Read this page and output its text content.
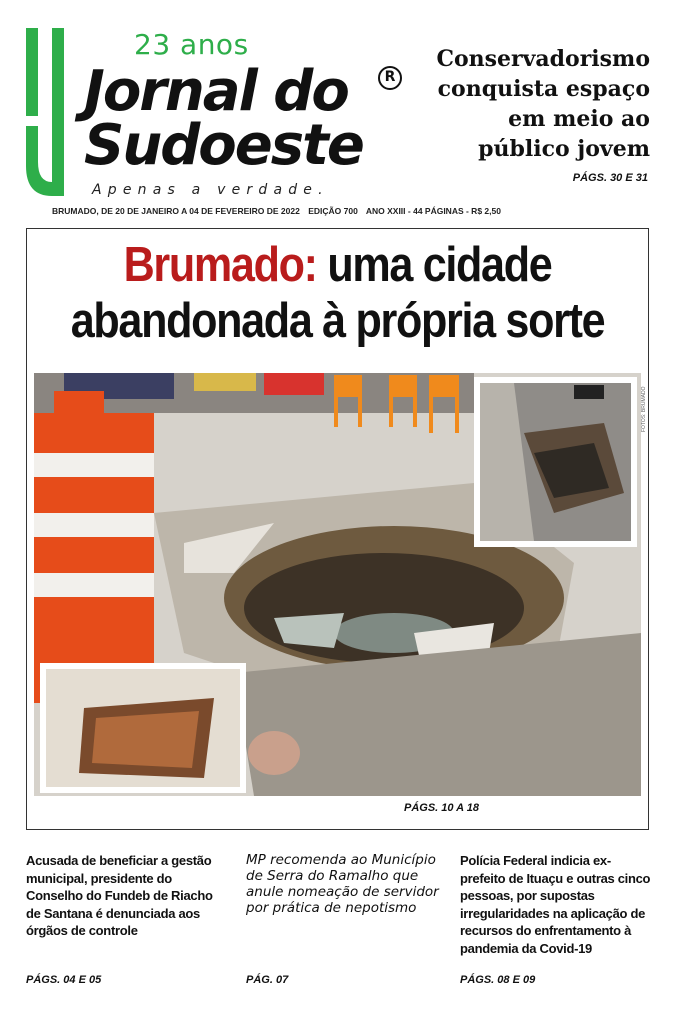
23 anos
Jornal do
Sudoeste
R
Apenas a verdade.
BRUMADO, DE 20 DE JANEIRO A 04 DE FEVEREIRO DE 2022 EDIÇÃO 700 ANO XXIII - 44 PÁGINAS - R$ 2,50
Conservadorismo conquista espaço em meio ao público jovem
PÁGS. 30 E 31
Brumado: uma cidade
abandonada à própria sorte
FOTOS: BRUMADO
PÁGS. 10 A 18
Acusada de beneficiar a gestão municipal, presidente do Conselho do Fundeb de Riacho de Santana é denunciada aos órgãos de controle
PÁGS. 04 E 05
MP recomenda ao Município de Serra do Ramalho que anule nomeação de servidor por prática de nepotismo
PÁG. 07
Polícia Federal indicia ex-prefeito de Ituaçu e outras cinco pessoas, por supostas irregularidades na aplicação de recursos do enfrentamento à pandemia da Covid-19
PÁGS. 08 E 09
